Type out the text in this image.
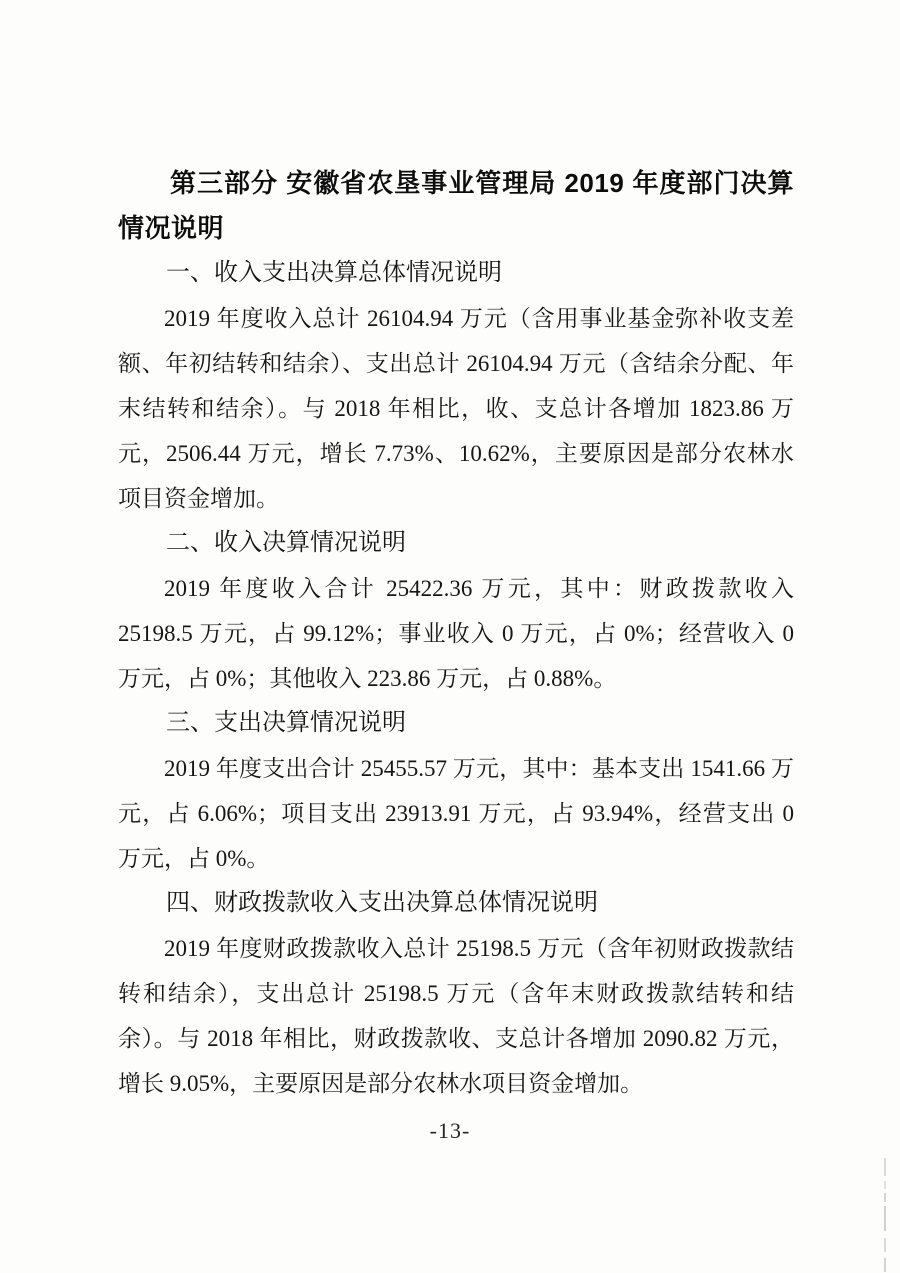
第三部分 安徽省农垦事业管理局 2019 年度部门决算情况说明
一、收入支出决算总体情况说明

2019 年度收入总计 26104.94 万元（含用事业基金弥补收支差额、年初结转和结余）、支出总计 26104.94 万元（含结余分配、年末结转和结余）。与 2018 年相比，收、支总计各增加 1823.86 万元，2506.44 万元，增长 7.73%、10.62%，主要原因是部分农林水项目资金增加。

二、收入决算情况说明

2019 年度收入合计 25422.36 万元，其中：财政拨款收入 25198.5 万元，占 99.12%；事业收入 0 万元，占 0%；经营收入 0 万元，占 0%；其他收入 223.86 万元，占 0.88%。

三、支出决算情况说明

2019 年度支出合计 25455.57 万元，其中：基本支出 1541.66 万元，占 6.06%；项目支出 23913.91 万元，占 93.94%，经营支出 0 万元，占 0%。

四、财政拨款收入支出决算总体情况说明

2019 年度财政拨款收入总计 25198.5 万元（含年初财政拨款结转和结余），支出总计 25198.5 万元（含年末财政拨款结转和结余）。与 2018 年相比，财政拨款收、支总计各增加 2090.82 万元，增长 9.05%，主要原因是部分农林水项目资金增加。

-13-
